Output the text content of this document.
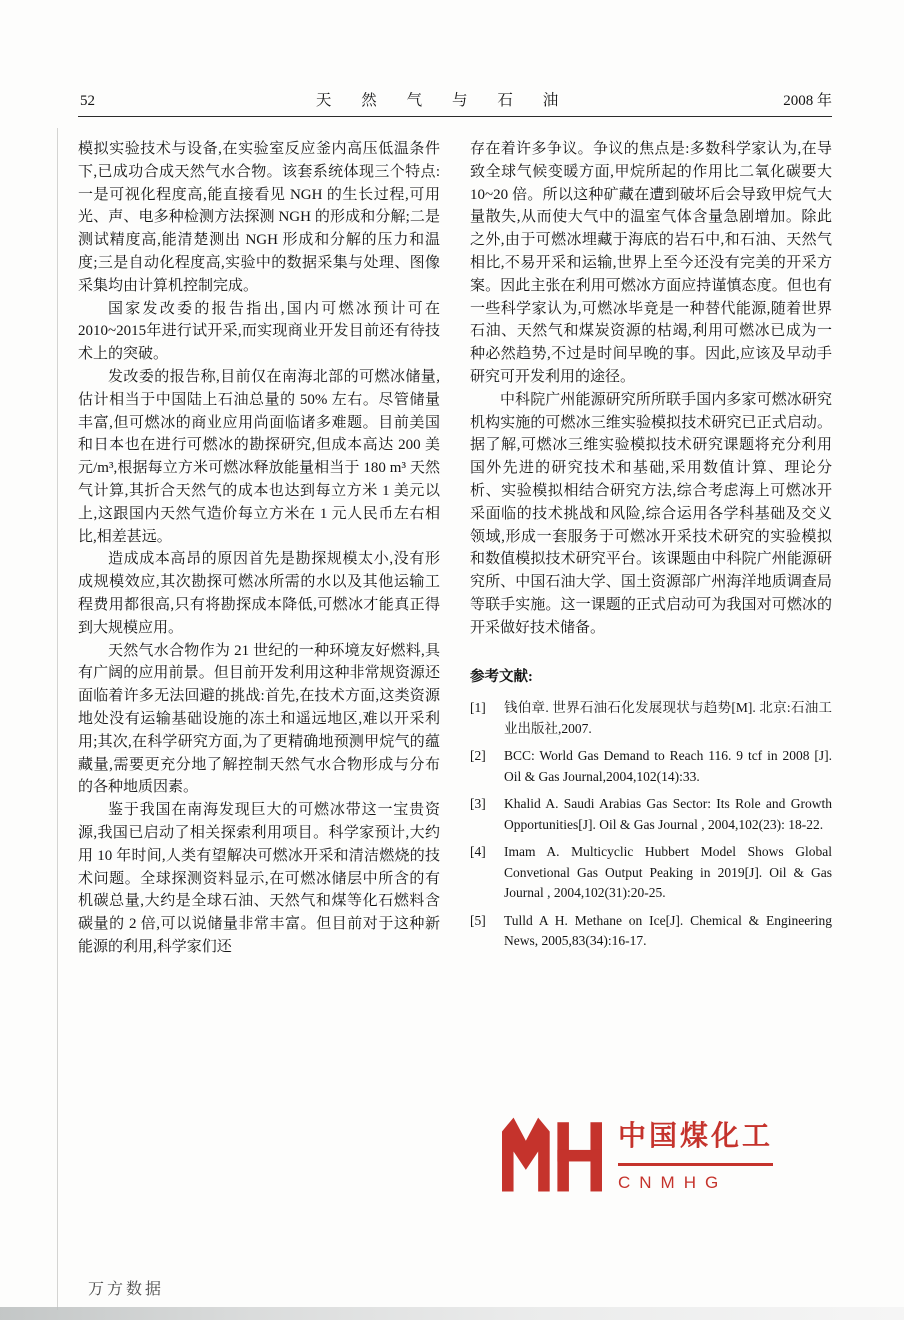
52	天 然 气 与 石 油	2008 年

模拟实验技术与设备,在实验室反应釜内高压低温条件下,已成功合成天然气水合物。该套系统体现三个特点:一是可视化程度高,能直接看见 NGH 的生长过程,可用光、声、电多种检测方法探测 NGH 的形成和分解;二是测试精度高,能清楚测出 NGH 形成和分解的压力和温度;三是自动化程度高,实验中的数据采集与处理、图像采集均由计算机控制完成。

国家发改委的报告指出,国内可燃冰预计可在2010~2015年进行试开采,而实现商业开发目前还有待技术上的突破。

发改委的报告称,目前仅在南海北部的可燃冰储量,估计相当于中国陆上石油总量的 50% 左右。尽管储量丰富,但可燃冰的商业应用尚面临诸多难题。目前美国和日本也在进行可燃冰的勘探研究,但成本高达 200 美元/m³,根据每立方米可燃冰释放能量相当于 180 m³ 天然气计算,其折合天然气的成本也达到每立方米 1 美元以上,这跟国内天然气造价每立方米在 1 元人民币左右相比,相差甚远。

造成成本高昂的原因首先是勘探规模太小,没有形成规模效应,其次勘探可燃冰所需的水以及其他运输工程费用都很高,只有将勘探成本降低,可燃冰才能真正得到大规模应用。

天然气水合物作为 21 世纪的一种环境友好燃料,具有广阔的应用前景。但目前开发利用这种非常规资源还面临着许多无法回避的挑战:首先,在技术方面,这类资源地处没有运输基础设施的冻土和遥远地区,难以开采利用;其次,在科学研究方面,为了更精确地预测甲烷气的蕴藏量,需要更充分地了解控制天然气水合物形成与分布的各种地质因素。

鉴于我国在南海发现巨大的可燃冰带这一宝贵资源,我国已启动了相关探索利用项目。科学家预计,大约用 10 年时间,人类有望解决可燃冰开采和清洁燃烧的技术问题。全球探测资料显示,在可燃冰储层中所含的有机碳总量,大约是全球石油、天然气和煤等化石燃料含碳量的 2 倍,可以说储量非常丰富。但目前对于这种新能源的利用,科学家们还

存在着许多争议。争议的焦点是:多数科学家认为,在导致全球气候变暖方面,甲烷所起的作用比二氧化碳要大 10~20 倍。所以这种矿藏在遭到破坏后会导致甲烷气大量散失,从而使大气中的温室气体含量急剧增加。除此之外,由于可燃冰埋藏于海底的岩石中,和石油、天然气相比,不易开采和运输,世界上至今还没有完美的开采方案。因此主张在利用可燃冰方面应持谨慎态度。但也有一些科学家认为,可燃冰毕竟是一种替代能源,随着世界石油、天然气和煤炭资源的枯竭,利用可燃冰已成为一种必然趋势,不过是时间早晚的事。因此,应该及早动手研究可开发利用的途径。

中科院广州能源研究所所联手国内多家可燃冰研究机构实施的可燃冰三维实验模拟技术研究已正式启动。据了解,可燃冰三维实验模拟技术研究课题将充分利用国外先进的研究技术和基础,采用数值计算、理论分析、实验模拟相结合研究方法,综合考虑海上可燃冰开采面临的技术挑战和风险,综合运用各学科基础及交义领域,形成一套服务于可燃冰开采技术研究的实验模拟和数值模拟技术研究平台。该课题由中科院广州能源研究所、中国石油大学、国土资源部广州海洋地质调查局等联手实施。这一课题的正式启动可为我国对可燃冰的开采做好技术储备。

参考文献:
[1]	钱伯章. 世界石油石化发展现状与趋势[M]. 北京:石油工业出版社,2007.
[2]	BCC: World Gas Demand to Reach 116. 9 tcf in 2008 [J]. Oil & Gas Journal,2004,102(14):33.
[3]	Khalid A. Saudi Arabias Gas Sector: Its Role and Growth Opportunities[J]. Oil & Gas Journal , 2004,102(23): 18-22.
[4]	Imam A. Multicyclic Hubbert Model Shows Global Convetional Gas Output Peaking in 2019[J]. Oil & Gas Journal , 2004,102(31):20-25.
[5]	Tulld A H. Methane on Ice[J]. Chemical & Engineering News, 2005,83(34):16-17.
中国煤化工
CNMHG
万方数据
